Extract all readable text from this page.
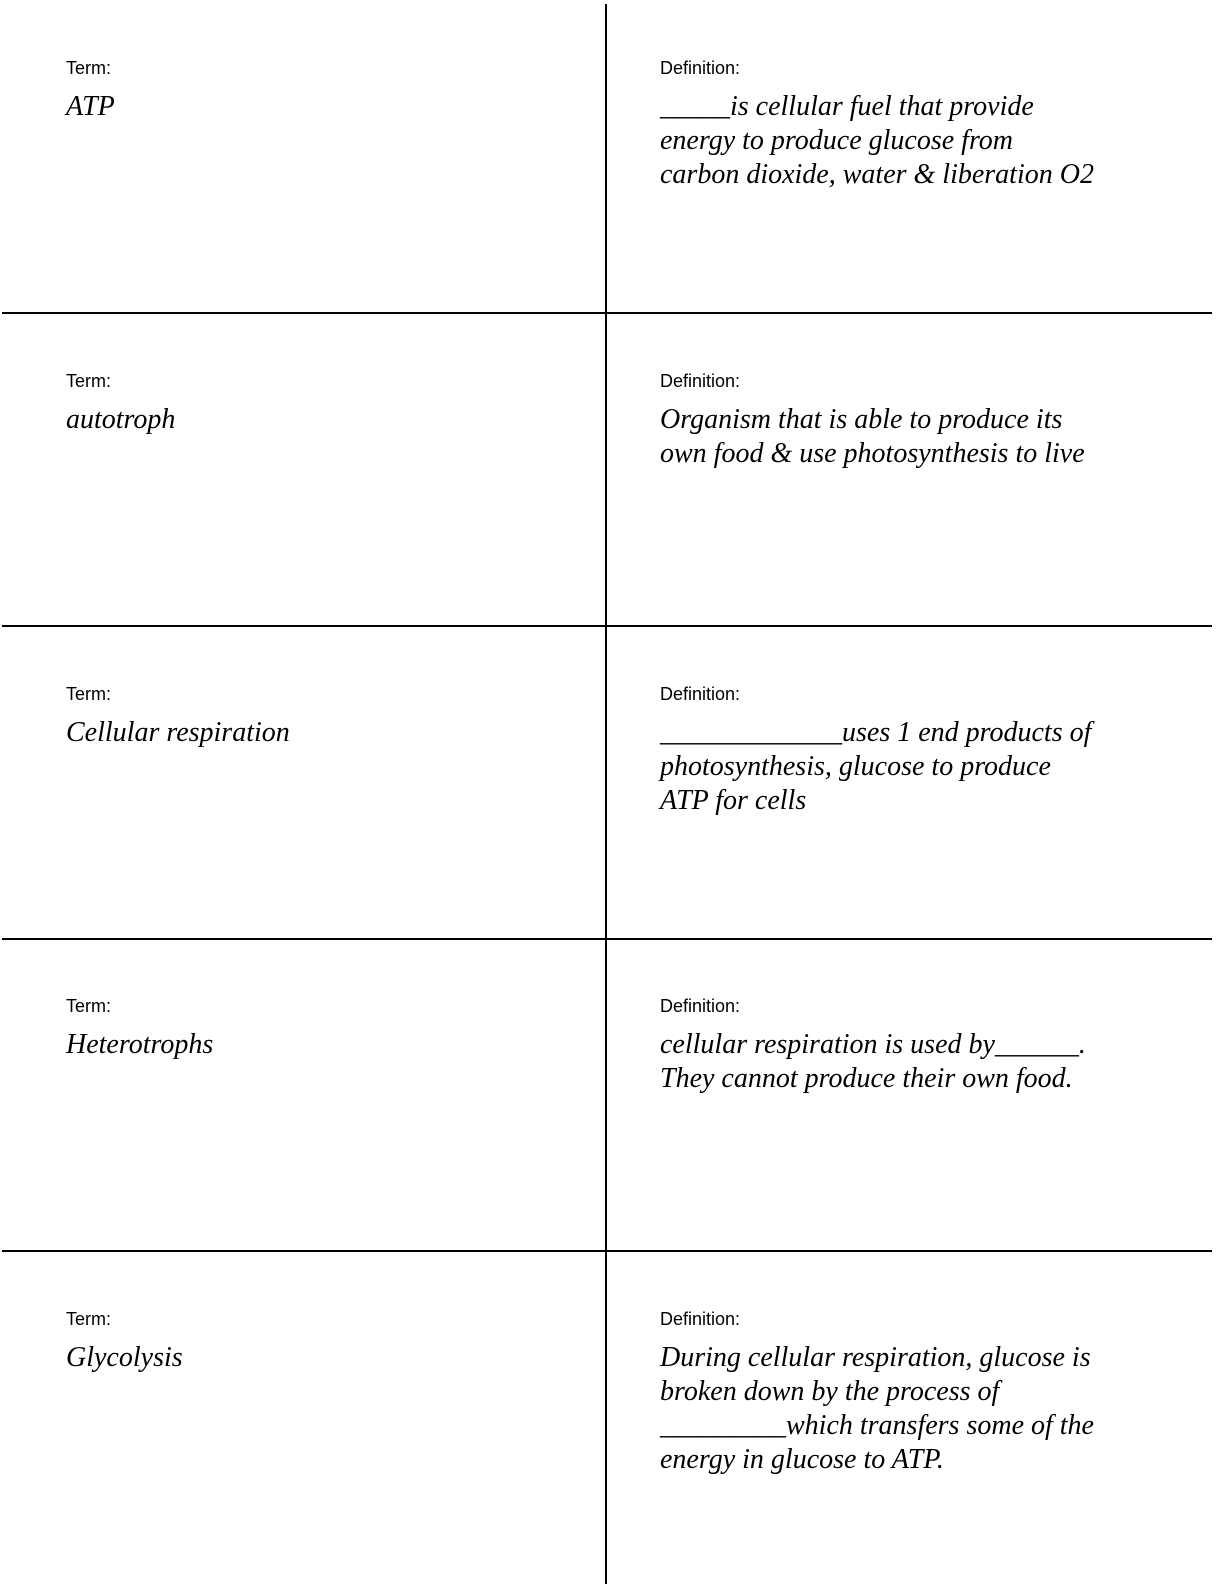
Term:

ATP

Definition:

_____is cellular fuel that provide
energy to produce glucose from
carbon dioxide, water & liberation O2

Term:

autotroph

Definition:

Organism that is able to produce its
own food & use photosynthesis to live

Term:

Cellular respiration

Definition:

_____________uses 1 end products of
photosynthesis, glucose to produce
ATP for cells

Term:

Heterotrophs

Definition:

cellular respiration is used by______.
They cannot produce their own food.

Term:

Glycolysis

Definition:

During cellular respiration, glucose is
broken down by the process of
_________which transfers some of the
energy in glucose to ATP.
